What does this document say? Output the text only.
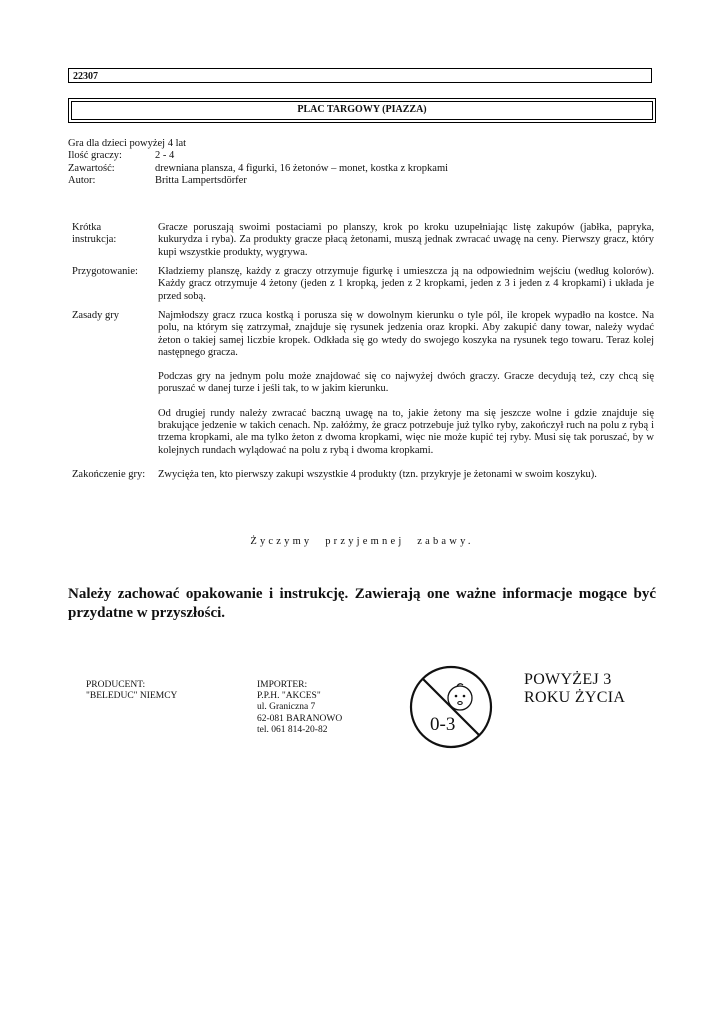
22307
PLAC TARGOWY (PIAZZA)
Gra dla dzieci powyżej 4 lat
Ilość graczy:	2 - 4
Zawartość:	drewniana plansza, 4 figurki, 16 żetonów – monet, kostka z kropkami
Autor:	Britta Lampertsdörfer
Krótka instrukcja:
Gracze poruszają swoimi postaciami po planszy, krok po kroku uzupełniając listę zakupów (jabłka, papryka, kukurydza i ryba). Za produkty gracze płacą żetonami, muszą jednak zwracać uwagę na ceny. Pierwszy gracz, który kupi wszystkie produkty, wygrywa.
Przygotowanie:	Kładziemy planszę, każdy z graczy otrzymuje figurkę i umieszcza ją na odpowiednim wejściu (według kolorów). Każdy gracz otrzymuje 4 żetony (jeden z 1 kropką, jeden z 2 kropkami, jeden z 3 i jeden z 4 kropkami) i układa je przed sobą.
Zasady gry	Najmłodszy gracz rzuca kostką i porusza się w dowolnym kierunku o tyle pól, ile kropek wypadło na kostce. Na polu, na którym się zatrzymał, znajduje się rysunek jedzenia oraz kropki. Aby zakupić dany towar, należy wydać żeton o takiej samej liczbie kropek. Odkłada się go wtedy do swojego koszyka na rysunek tego towaru. Teraz kolej następnego gracza.

Podczas gry na jednym polu może znajdować się co najwyżej dwóch graczy. Gracze decydują też, czy chcą się poruszać w danej turze i jeśli tak, to w jakim kierunku.

Od drugiej rundy należy zwracać baczną uwagę na to, jakie żetony ma się jeszcze wolne i gdzie znajduje się brakujące jedzenie w takich cenach. Np. załóżmy, że gracz potrzebuje już tylko ryby, zakończył ruch na polu z rybą i trzema kropkami, ale ma tylko żeton z dwoma kropkami, więc nie może kupić tej ryby. Musi się tak poruszać, by w kolejnych rundach wylądować na polu z rybą i dwoma kropkami.

Zakończenie gry:	Zwycięża ten, kto pierwszy zakupi wszystkie 4 produkty (tzn. przykryje je żetonami w swoim koszyku).
Życzymy przyjemnej zabawy.
Należy zachować opakowanie i instrukcję. Zawierają one ważne informacje mogące być przydatne w przyszłości.
PRODUCENT:
"BELEDUC" NIEMCY
IMPORTER:
P.P.H. "AKCES"
ul. Graniczna 7
62-081 BARANOWO
tel. 061 814-20-82	0-3
POWYŻEJ 3
ROKU ŻYCIA
